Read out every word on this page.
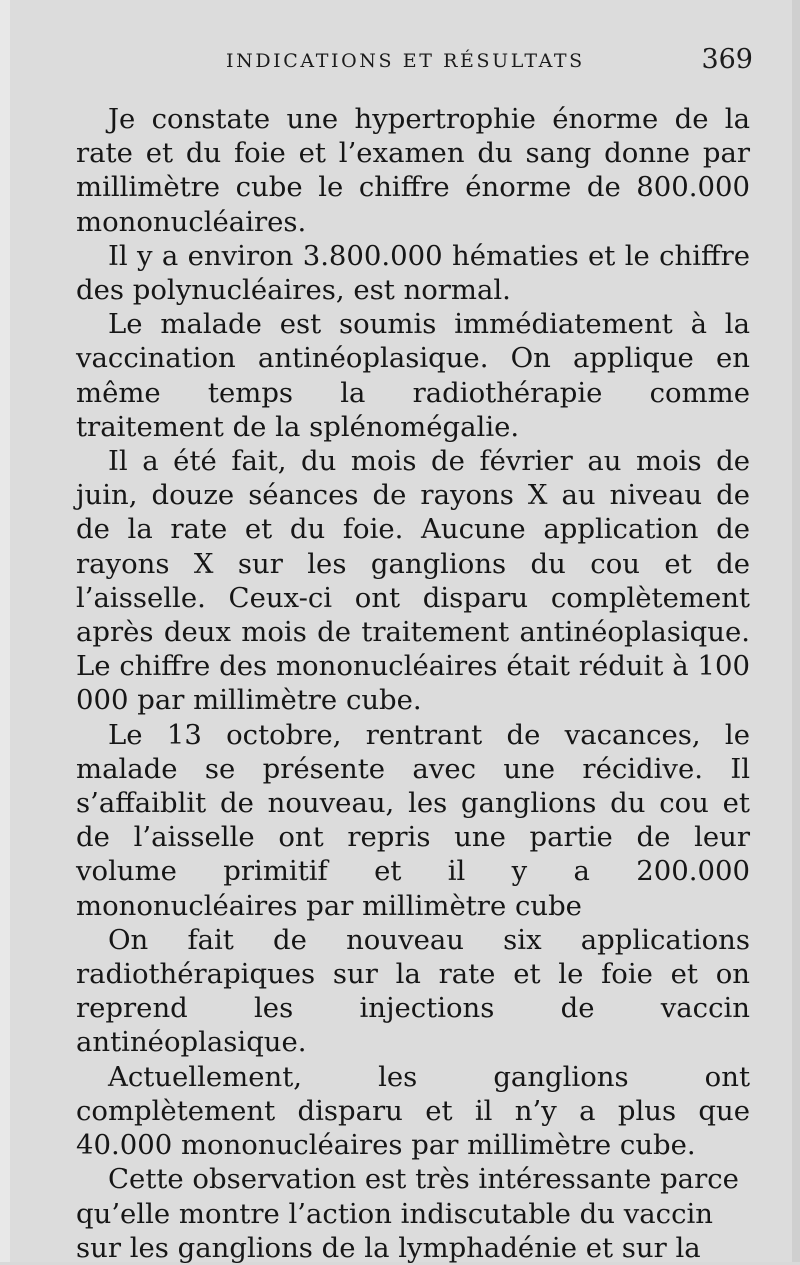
INDICATIONS ET RÉSULTATS	369

Je constate une hypertrophie énorme de la rate et du foie et l’examen du sang donne par millimètre cube le chiffre énorme de 800.000 mononucléaires.

Il y a environ 3.800.000 hématies et le chiffre des polynucléaires, est normal.

Le malade est soumis immédiatement à la vaccination antinéoplasique. On applique en même temps la radiothérapie comme traitement de la splénomégalie.

Il a été fait, du mois de février au mois de juin, douze séances de rayons X au niveau de de la rate et du foie. Aucune application de rayons X sur les ganglions du cou et de l’aisselle. Ceux-ci ont disparu complètement après deux mois de traitement antinéoplasique. Le chiffre des mononucléaires était réduit à 100 000 par millimètre cube.

Le 13 octobre, rentrant de vacances, le malade se présente avec une récidive. Il s’affaiblit de nouveau, les ganglions du cou et de l’aisselle ont repris une partie de leur volume primitif et il y a 200.000 mononucléaires par millimètre cube

On fait de nouveau six applications radiothérapiques sur la rate et le foie et on reprend les injections de vaccin antinéoplasique.

Actuellement, les ganglions ont complètement disparu et il n’y a plus que 40.000 mononucléaires par millimètre cube.

Cette observation est très intéressante parce qu’elle montre l’action indiscutable du vaccin sur les ganglions de la lymphadénie et sur la
